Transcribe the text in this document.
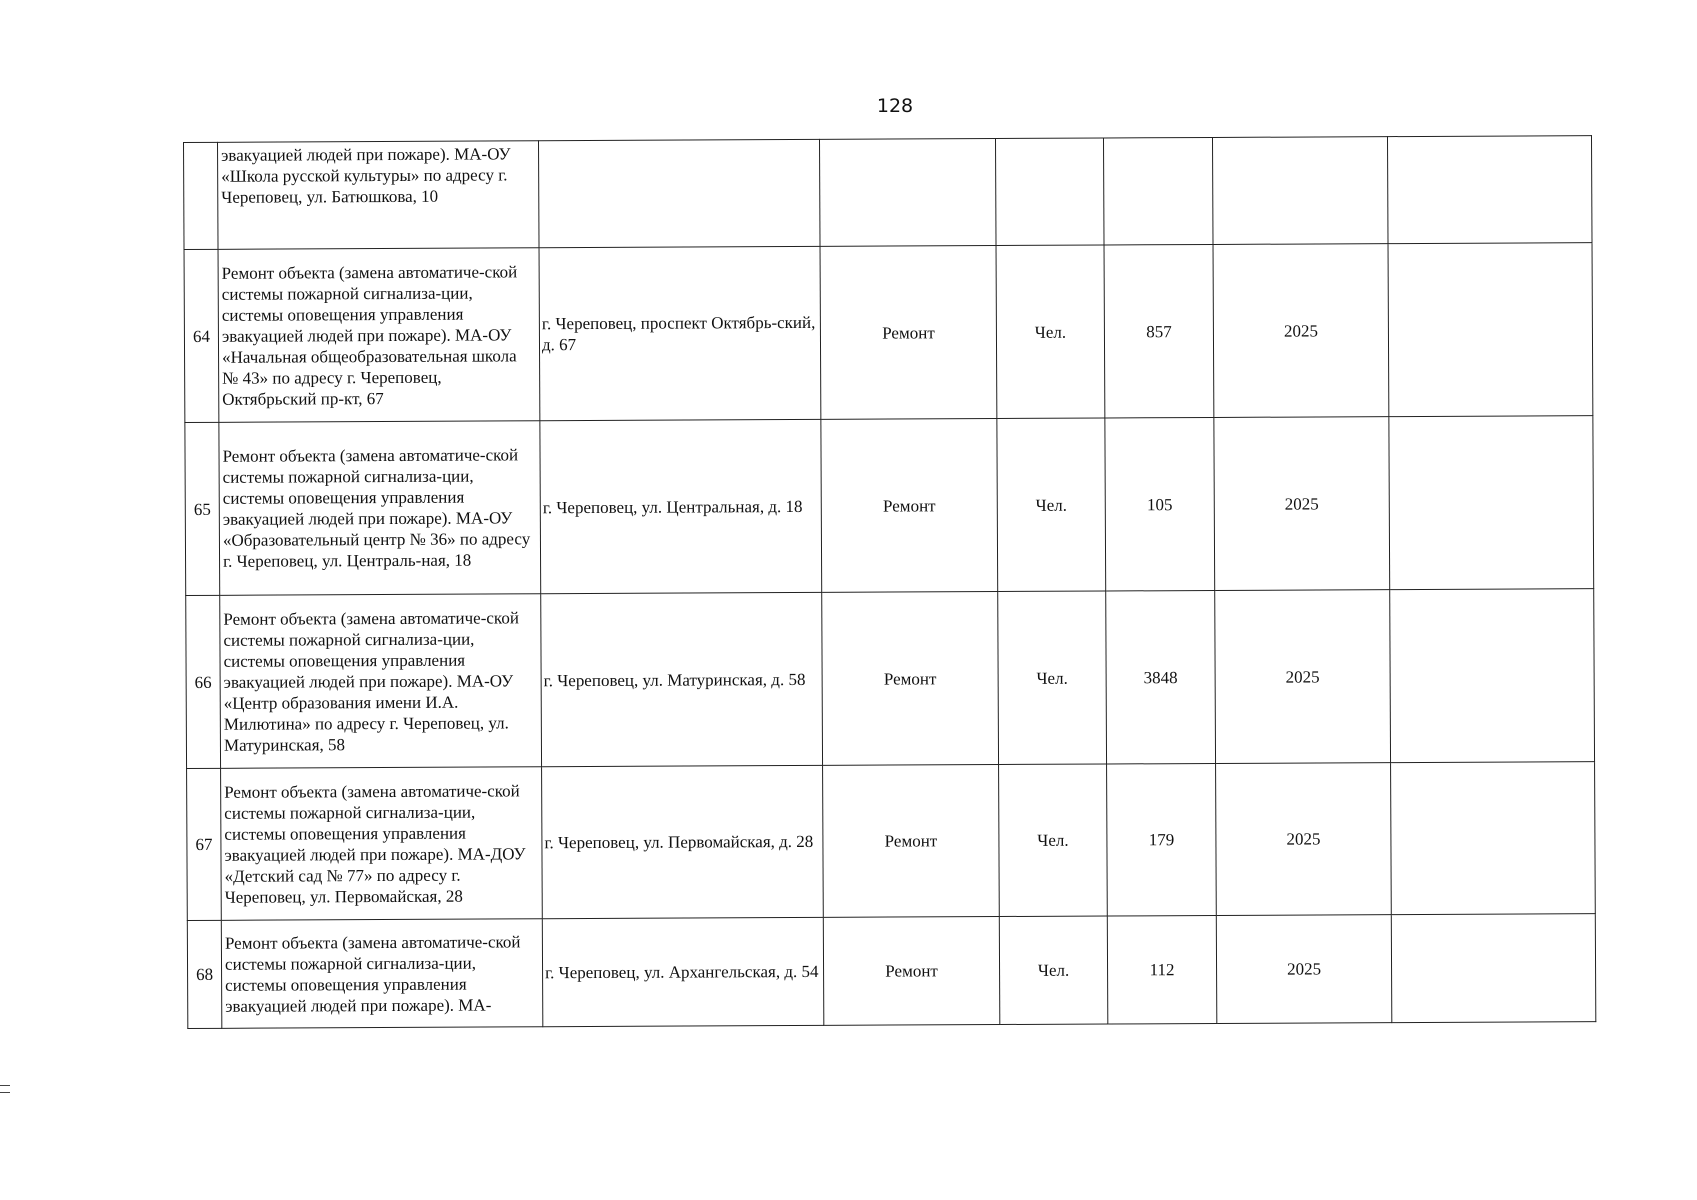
128
	эвакуацией людей при пожаре). МА-ОУ «Школа русской культуры» по адресу г. Череповец, ул. Батюшкова, 10						
64	Ремонт объекта (замена автоматиче-ской системы пожарной сигнализа-ции, системы оповещения управления эвакуацией людей при пожаре). МА-ОУ «Начальная общеобразовательная школа № 43» по адресу г. Череповец, Октябрьский пр-кт, 67	г. Череповец, проспект Октябрь-ский, д. 67	Ремонт	Чел.	857	2025	
65	Ремонт объекта (замена автоматиче-ской системы пожарной сигнализа-ции, системы оповещения управления эвакуацией людей при пожаре). МА-ОУ «Образовательный центр № 36» по адресу г. Череповец, ул. Централь-ная, 18	г. Череповец, ул. Центральная, д. 18	Ремонт	Чел.	105	2025	
66	Ремонт объекта (замена автоматиче-ской системы пожарной сигнализа-ции, системы оповещения управления эвакуацией людей при пожаре). МА-ОУ «Центр образования имени И.А. Милютина» по адресу г. Череповец, ул. Матуринская, 58	г. Череповец, ул. Матуринская, д. 58	Ремонт	Чел.	3848	2025	
67	Ремонт объекта (замена автоматиче-ской системы пожарной сигнализа-ции, системы оповещения управления эвакуацией людей при пожаре). МА-ДОУ «Детский сад № 77» по адресу г. Череповец, ул. Первомайская, 28	г. Череповец, ул. Первомайская, д. 28	Ремонт	Чел.	179	2025	
68	Ремонт объекта (замена автоматиче-ской системы пожарной сигнализа-ции, системы оповещения управления эвакуацией людей при пожаре). МА-	г. Череповец, ул. Архангельская, д. 54	Ремонт	Чел.	112	2025	
